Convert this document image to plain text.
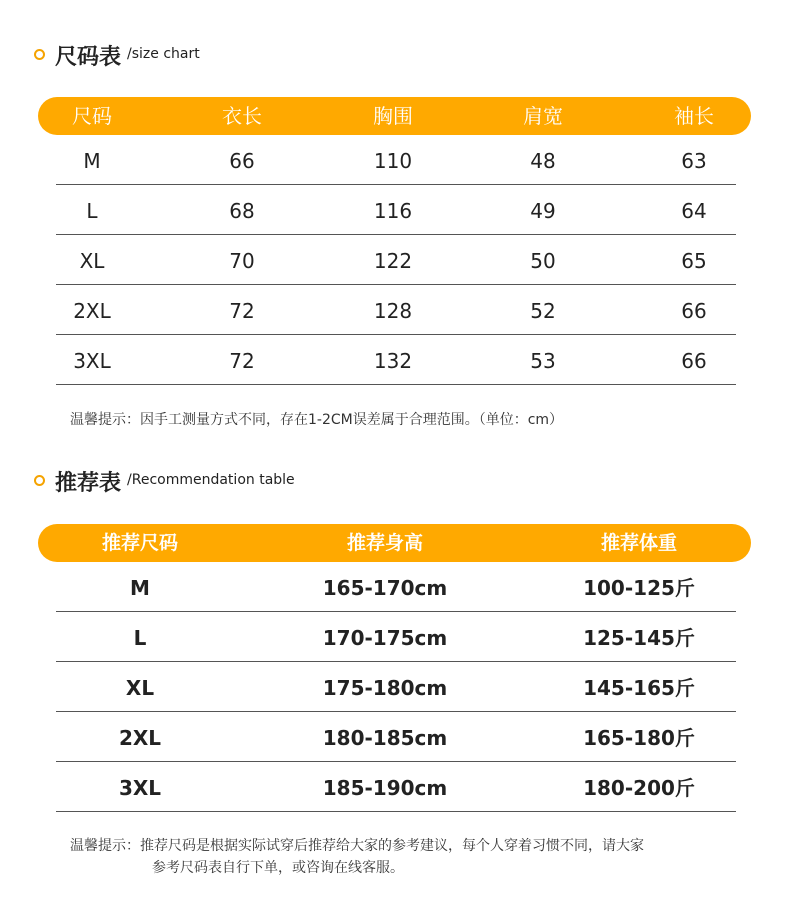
尺码表 /size chart
尺码	衣长	胸围	肩宽	袖长
M	66	110	48	63
L	68	116	49	64
XL	70	122	50	65
2XL	72	128	52	66
3XL	72	132	53	66
温馨提示：因手工测量方式不同，存在1-2CM误差属于合理范围。（单位：cm）
推荐表 /Recommendation table
推荐尺码	推荐身高	推荐体重
M	165-170cm	100-125斤
L	170-175cm	125-145斤
XL	175-180cm	145-165斤
2XL	180-185cm	165-180斤
3XL	185-190cm	180-200斤
温馨提示：推荐尺码是根据实际试穿后推荐给大家的参考建议，每个人穿着习惯不同，请大家
参考尺码表自行下单，或咨询在线客服。
